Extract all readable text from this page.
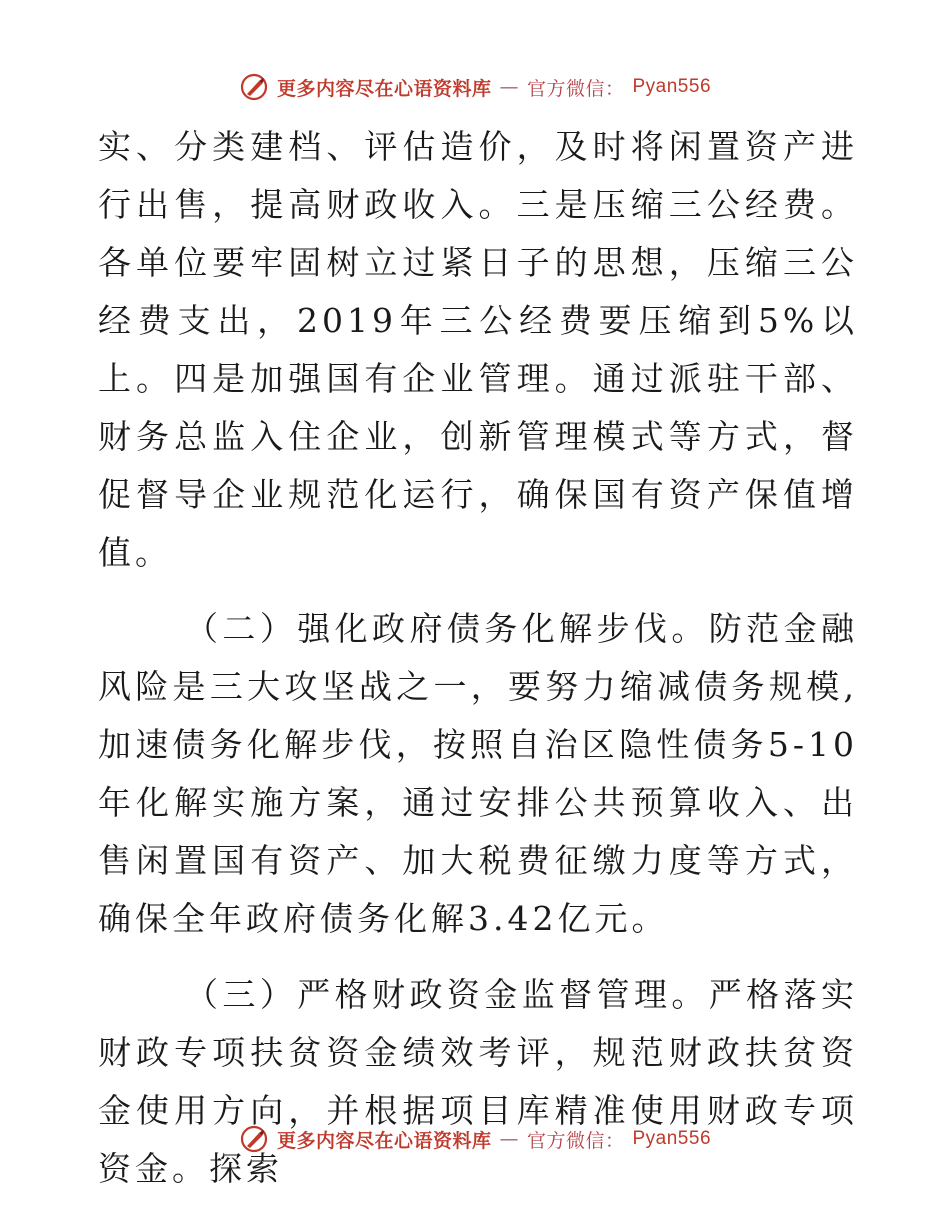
更多内容尽在心语资料库 — 官方微信： Pyan556

实、分类建档、评估造价，及时将闲置资产进行出售，提高财政收入。三是压缩三公经费。各单位要牢固树立过紧日子的思想，压缩三公经费支出，2019年三公经费要压缩到5%以上。四是加强国有企业管理。通过派驻干部、财务总监入住企业，创新管理模式等方式，督促督导企业规范化运行，确保国有资产保值增值。

（二）强化政府债务化解步伐。防范金融风险是三大攻坚战之一，要努力缩减债务规模,加速债务化解步伐，按照自治区隐性债务5-10年化解实施方案，通过安排公共预算收入、出售闲置国有资产、加大税费征缴力度等方式，确保全年政府债务化解3.42亿元。

（三）严格财政资金监督管理。严格落实财政专项扶贫资金绩效考评，规范财政扶贫资金使用方向，并根据项目库精准使用财政专项资金。探索

更多内容尽在心语资料库 — 官方微信： Pyan556
